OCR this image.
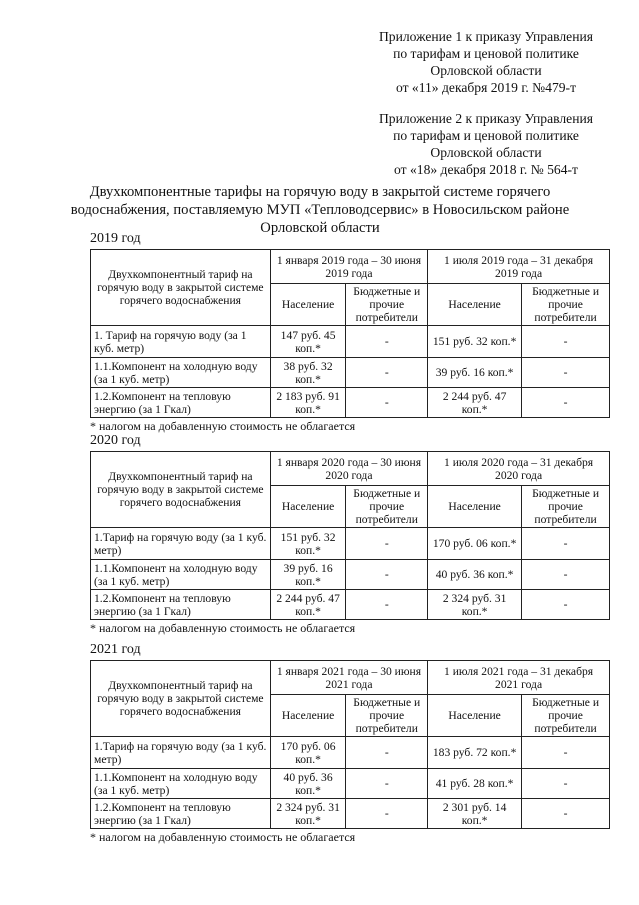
Приложение 1 к приказу Управления
по тарифам и ценовой политике
Орловской области
от «11» декабря 2019 г. №479-т
Приложение 2 к приказу Управления
по тарифам и ценовой политике
Орловской области
от «18» декабря 2018 г. № 564-т
Двухкомпонентные тарифы на горячую воду в закрытой системе горячего
водоснабжения, поставляемую МУП «Тепловодсервис» в Новосильском районе
Орловской области
2019 год
Двухкомпонентный тариф на горячую воду в закрытой системе горячего водоснабжения	1 января 2019 года – 30 июня 2019 года		1 июля 2019 года – 31 декабря 2019 года	
	Население	Бюджетные и прочие потребители	Население	Бюджетные и прочие потребители
1. Тариф на горячую воду (за 1 куб. метр)	147 руб. 45 коп.*	-	151 руб. 32 коп.*	-
1.1.Компонент на холодную воду (за 1 куб. метр)	38 руб. 32 коп.*	-	39 руб. 16 коп.*	-
1.2.Компонент на тепловую энергию (за 1 Гкал)	2 183 руб. 91 коп.*	-	2 244 руб. 47 коп.*	-
* налогом на добавленную стоимость не облагается
2020 год
Двухкомпонентный тариф на горячую воду в закрытой системе горячего водоснабжения	1 января 2020 года – 30 июня 2020 года		1 июля 2020 года – 31 декабря 2020 года	
	Население	Бюджетные и прочие потребители	Население	Бюджетные и прочие потребители
1.Тариф на горячую воду (за 1 куб. метр)	151 руб. 32 коп.*	-	170 руб. 06 коп.*	-
1.1.Компонент на холодную воду (за 1 куб. метр)	39 руб. 16 коп.*	-	40 руб. 36 коп.*	-
1.2.Компонент на тепловую энергию (за 1 Гкал)	2 244 руб. 47 коп.*	-	2 324 руб. 31 коп.*	-
* налогом на добавленную стоимость не облагается
2021 год
Двухкомпонентный тариф на горячую воду в закрытой системе горячего водоснабжения	1 января 2021 года – 30 июня 2021 года		1 июля 2021 года – 31 декабря 2021 года	
	Население	Бюджетные и прочие потребители	Население	Бюджетные и прочие потребители
1.Тариф на горячую воду (за 1 куб. метр)	170 руб. 06 коп.*	-	183 руб. 72 коп.*	-
1.1.Компонент на холодную воду (за 1 куб. метр)	40 руб. 36 коп.*	-	41 руб. 28 коп.*	-
1.2.Компонент на тепловую энергию (за 1 Гкал)	2 324 руб. 31 коп.*	-	2 301 руб. 14 коп.*	-
* налогом на добавленную стоимость не облагается
